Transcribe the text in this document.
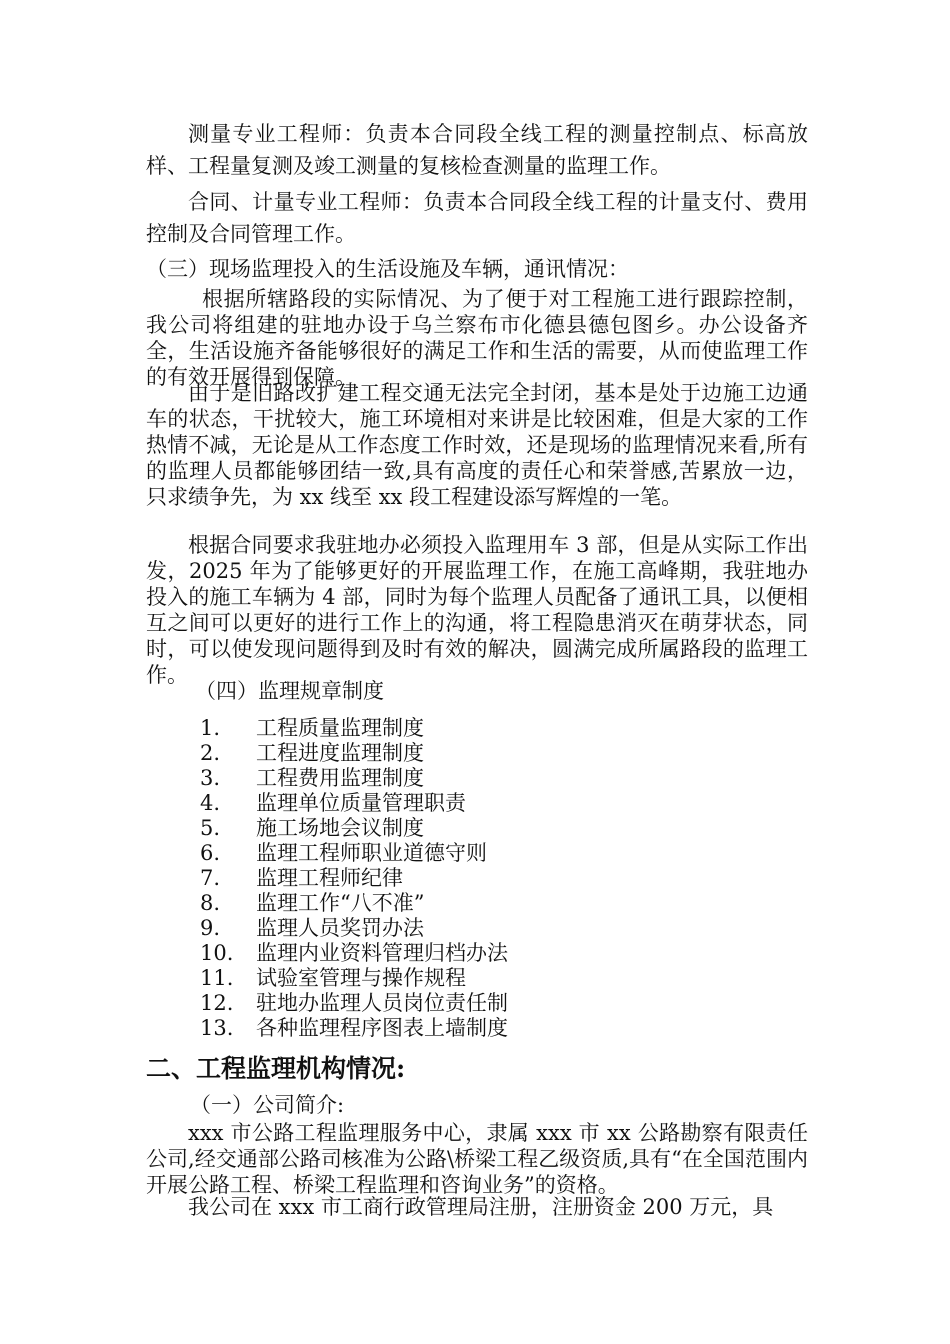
测量专业工程师：负责本合同段全线工程的测量控制点、标高放样、工程量复测及竣工测量的复核检查测量的监理工作。

合同、计量专业工程师：负责本合同段全线工程的计量支付、费用控制及合同管理工作。

（三）现场监理投入的生活设施及车辆，通讯情况：

根据所辖路段的实际情况、为了便于对工程施工进行跟踪控制，我公司将组建的驻地办设于乌兰察布市化德县德包图乡。办公设备齐全，生活设施齐备能够很好的满足工作和生活的需要，从而使监理工作的有效开展得到保障。

由于是旧路改扩建工程交通无法完全封闭，基本是处于边施工边通车的状态，干扰较大，施工环境相对来讲是比较困难，但是大家的工作热情不减，无论是从工作态度工作时效，还是现场的监理情况来看,所有的监理人员都能够团结一致,具有高度的责任心和荣誉感,苦累放一边，只求绩争先，为 xx 线至 xx 段工程建设添写辉煌的一笔。

根据合同要求我驻地办必须投入监理用车 3 部，但是从实际工作出发，2025 年为了能够更好的开展监理工作，在施工高峰期，我驻地办投入的施工车辆为 4 部，同时为每个监理人员配备了通讯工具，以便相互之间可以更好的进行工作上的沟通，将工程隐患消灭在萌芽状态，同时，可以使发现问题得到及时有效的解决，圆满完成所属路段的监理工作。

（四）监理规章制度

1. 工程质量监理制度
2. 工程进度监理制度
3. 工程费用监理制度
4. 监理单位质量管理职责
5. 施工场地会议制度
6. 监理工程师职业道德守则
7. 监理工程师纪律
8. 监理工作“八不准”
9. 监理人员奖罚办法
10. 监理内业资料管理归档办法
11. 试验室管理与操作规程
12. 驻地办监理人员岗位责任制
13. 各种监理程序图表上墙制度

二、工程监理机构情况:

（一）公司简介:

xxx 市公路工程监理服务中心，隶属 xxx 市 xx 公路勘察有限责任公司,经交通部公路司核准为公路\桥梁工程乙级资质,具有“在全国范围内开展公路工程、桥梁工程监理和咨询业务”的资格。

我公司在 xxx 市工商行政管理局注册，注册资金 200 万元，具
